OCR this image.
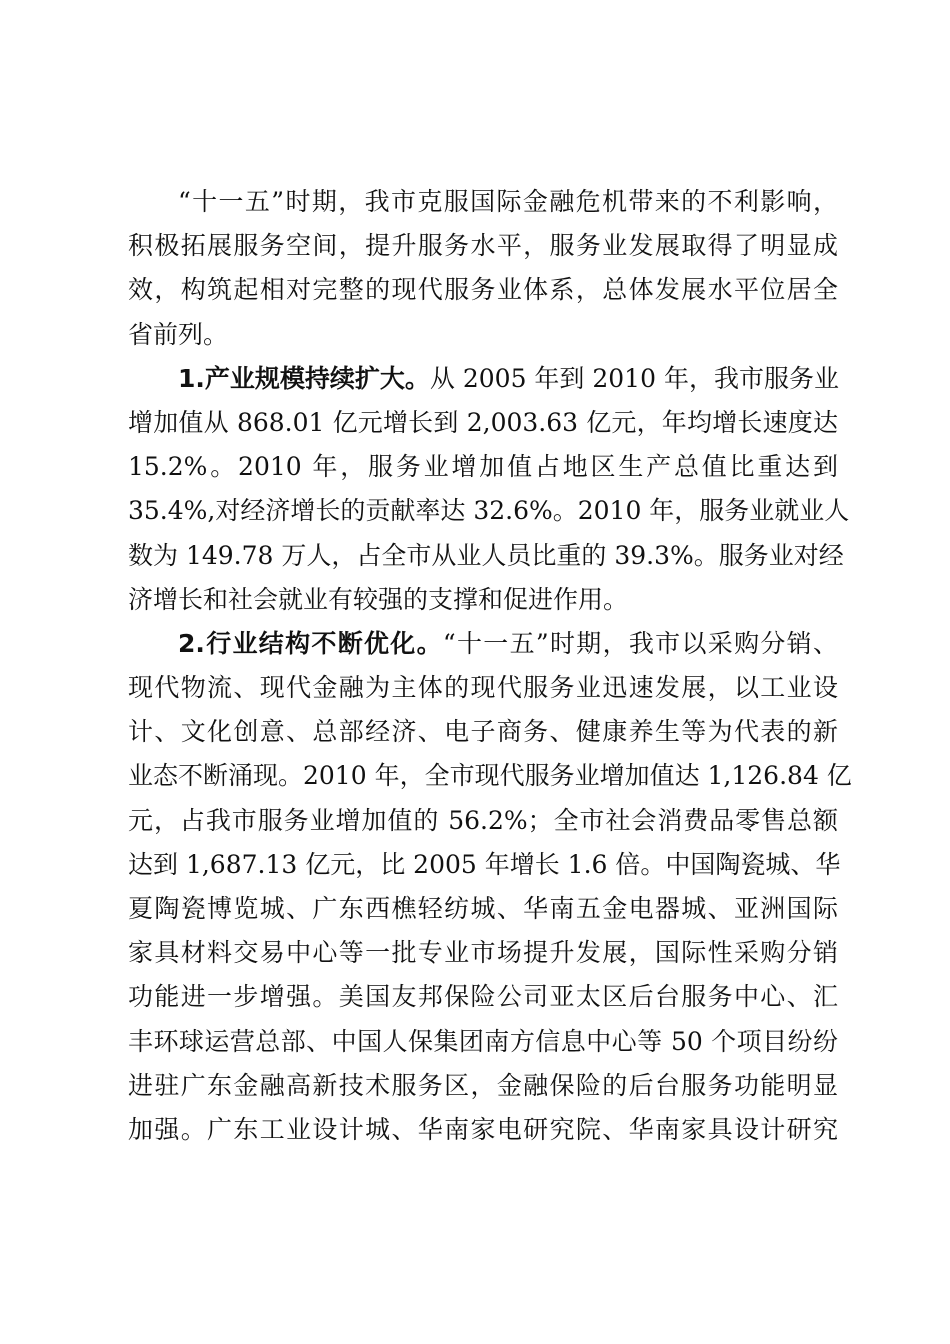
“十一五”时期，我市克服国际金融危机带来的不利影响，
积极拓展服务空间，提升服务水平，服务业发展取得了明显成
效，构筑起相对完整的现代服务业体系，总体发展水平位居全
省前列。
1.产业规模持续扩大。从 2005 年到 2010 年，我市服务业
增加值从 868.01 亿元增长到 2,003.63 亿元，年均增长速度达
15.2%。2010 年，服务业增加值占地区生产总值比重达到
35.4%,对经济增长的贡献率达 32.6%。2010 年，服务业就业人
数为 149.78 万人，占全市从业人员比重的 39.3%。服务业对经
济增长和社会就业有较强的支撑和促进作用。
2.行业结构不断优化。“十一五”时期，我市以采购分销、
现代物流、现代金融为主体的现代服务业迅速发展，以工业设
计、文化创意、总部经济、电子商务、健康养生等为代表的新
业态不断涌现。2010 年，全市现代服务业增加值达 1,126.84 亿
元，占我市服务业增加值的 56.2%；全市社会消费品零售总额
达到 1,687.13 亿元，比 2005 年增长 1.6 倍。中国陶瓷城、华
夏陶瓷博览城、广东西樵轻纺城、华南五金电器城、亚洲国际
家具材料交易中心等一批专业市场提升发展，国际性采购分销
功能进一步增强。美国友邦保险公司亚太区后台服务中心、汇
丰环球运营总部、中国人保集团南方信息中心等 50 个项目纷纷
进驻广东金融高新技术服务区，金融保险的后台服务功能明显
加强。广东工业设计城、华南家电研究院、华南家具设计研究
